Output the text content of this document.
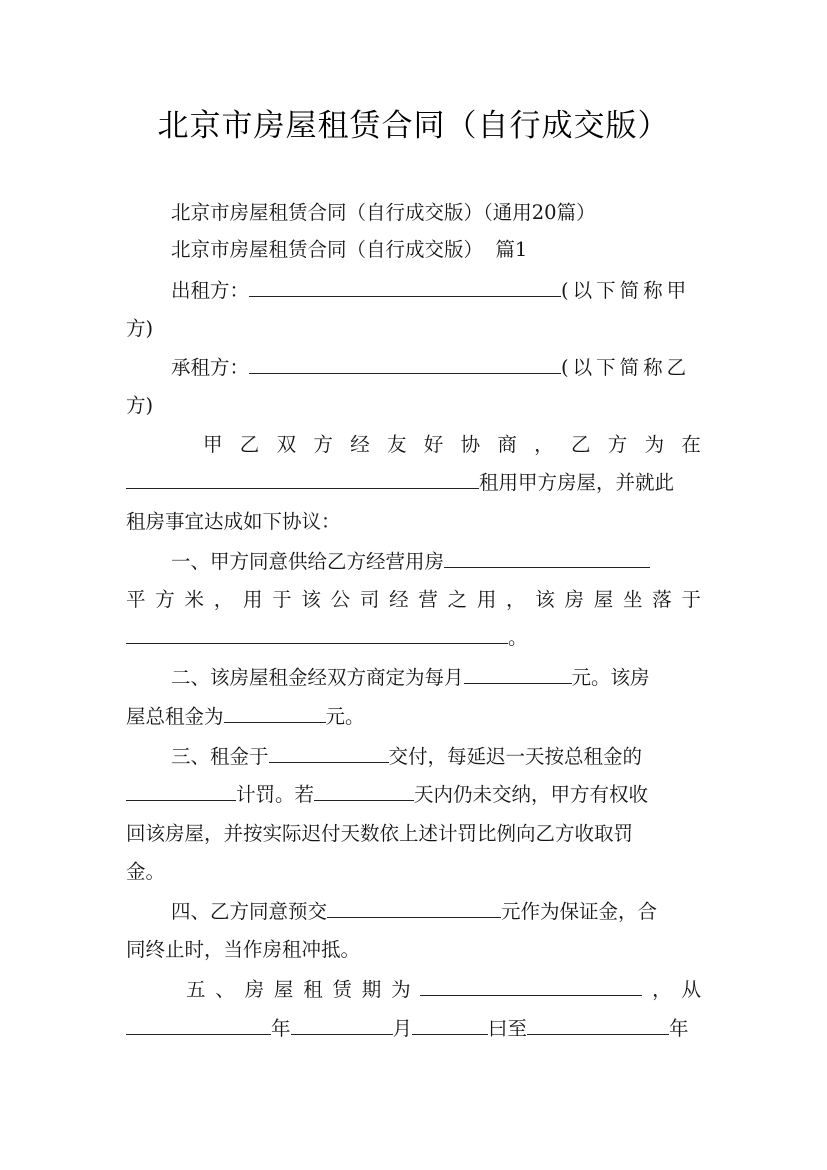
北京市房屋租赁合同（自行成交版）
北京市房屋租赁合同（自行成交版）（通用20篇）
北京市房屋租赁合同（自行成交版）  篇1
出租方：	(以下简称甲
方)
承租方：	(以下简称乙
方)
甲 乙 双 方 经 友 好 协 商 ， 乙 方 为 在
租用甲方房屋，并就此
租房事宜达成如下协议：
一、甲方同意供给乙方经营用房
平 方 米 ， 用 于 该 公 司 经 营 之 用 ， 该 房 屋 坐 落 于
。
二、该房屋租金经双方商定为每月	元。该房
屋总租金为	元。
三、租金于	交付，每延迟一天按总租金的
计罚。若	天内仍未交纳，甲方有权收
回该房屋，并按实际迟付天数依上述计罚比例向乙方收取罚
金。
四、乙方同意预交	元作为保证金，合
同终止时，当作房租冲抵。
五 、 房 屋 租 赁 期 为	， 从
年	月	曰至	年
